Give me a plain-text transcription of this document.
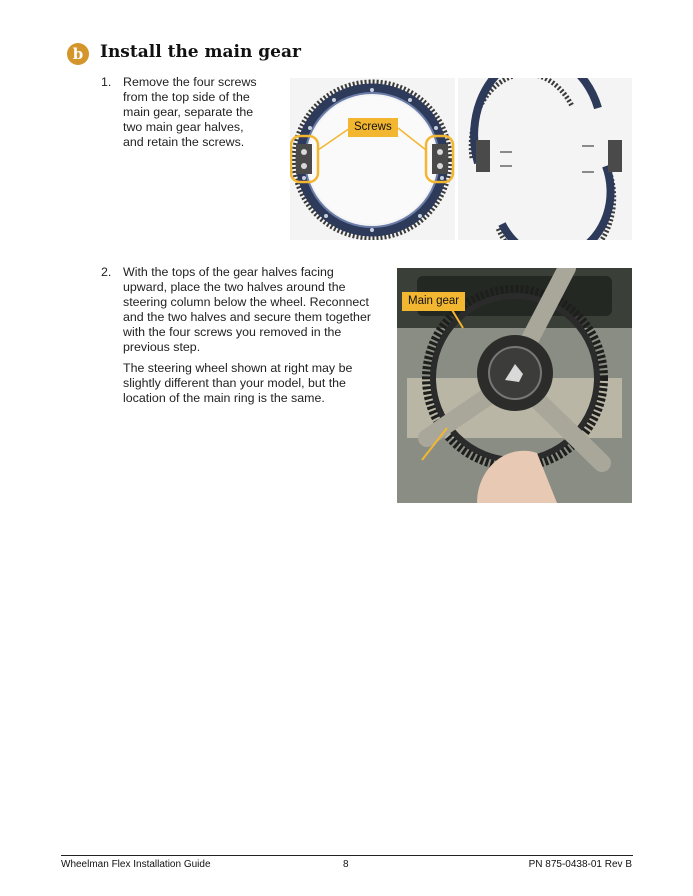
b Install the main gear
1. Remove the four screws

from the top side of the

main gear, separate the

two main gear halves,

and retain the screws.

Screws
2. With the tops of the gear halves facing

upward, place the two halves around the

steering column below the wheel. Reconnect

and the two halves and secure them together

with the four screws you removed in the

previous step.

The steering wheel shown at right may be

slightly different than your model, but the

location of the main ring is the same.

Main gear
Wheelman Flex Installation Guide	8	PN 875-0438-01 Rev B
